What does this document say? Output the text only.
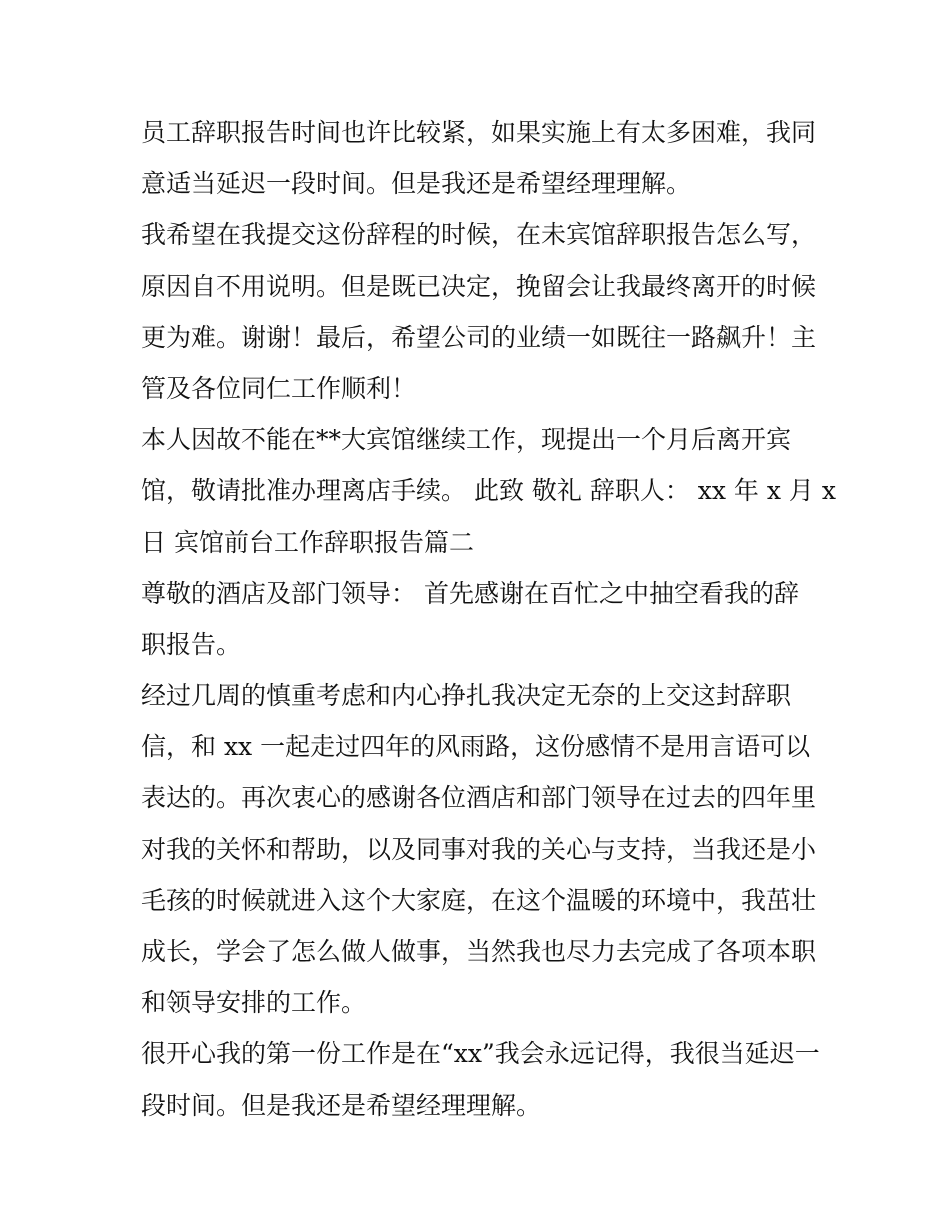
员工辞职报告时间也许比较紧，如果实施上有太多困难，我同
意适当延迟一段时间。但是我还是希望经理理解。
我希望在我提交这份辞程的时候，在未宾馆辞职报告怎么写，
原因自不用说明。但是既已决定，挽留会让我最终离开的时候
更为难。谢谢！最后，希望公司的业绩一如既往一路飙升！主
管及各位同仁工作顺利！
本人因故不能在**大宾馆继续工作，现提出一个月后离开宾
馆，敬请批准办理离店手续。 此致 敬礼 辞职人： xx 年 x 月 x
日 宾馆前台工作辞职报告篇二
尊敬的酒店及部门领导： 首先感谢在百忙之中抽空看我的辞
职报告。
经过几周的慎重考虑和内心挣扎我决定无奈的上交这封辞职
信，和 xx 一起走过四年的风雨路，这份感情不是用言语可以
表达的。再次衷心的感谢各位酒店和部门领导在过去的四年里
对我的关怀和帮助，以及同事对我的关心与支持，当我还是小
毛孩的时候就进入这个大家庭，在这个温暖的环境中，我茁壮
成长，学会了怎么做人做事，当然我也尽力去完成了各项本职
和领导安排的工作。
很开心我的第一份工作是在“xx”我会永远记得，我很当延迟一
段时间。但是我还是希望经理理解。
